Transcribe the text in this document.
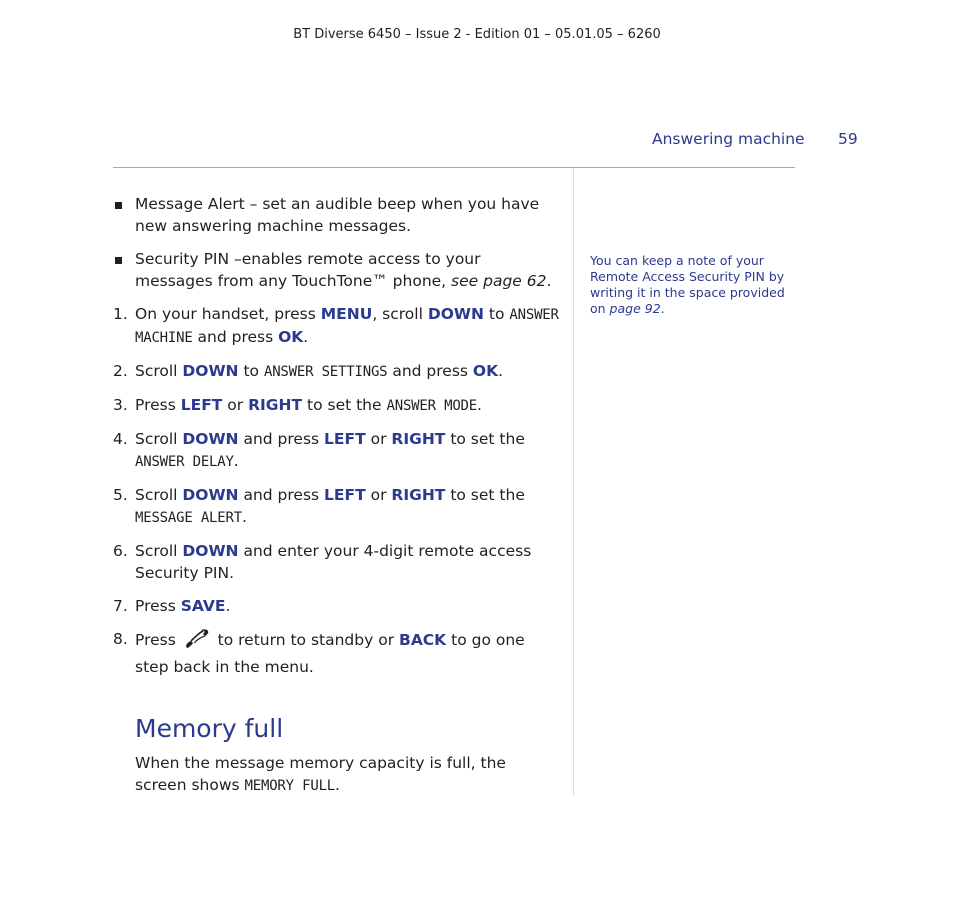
BT Diverse 6450 – Issue 2 - Edition 01 – 05.01.05 – 6260
Answering machine 59
Message Alert – set an audible beep when you have new answering machine messages.
Security PIN –enables remote access to your messages from any TouchTone™ phone, see page 62.
1. On your handset, press MENU, scroll DOWN to ANSWER MACHINE and press OK.
2. Scroll DOWN to ANSWER SETTINGS and press OK.
3. Press LEFT or RIGHT to set the ANSWER MODE.
4. Scroll DOWN and press LEFT or RIGHT to set the ANSWER DELAY.
5. Scroll DOWN and press LEFT or RIGHT to set the MESSAGE ALERT.
6. Scroll DOWN and enter your 4-digit remote access Security PIN.
7. Press SAVE.
8. Press  to return to standby or BACK to go one step back in the menu.
Memory full
When the message memory capacity is full, the screen shows MEMORY FULL.
You can keep a note of your Remote Access Security PIN by writing it in the space provided on page 92.
